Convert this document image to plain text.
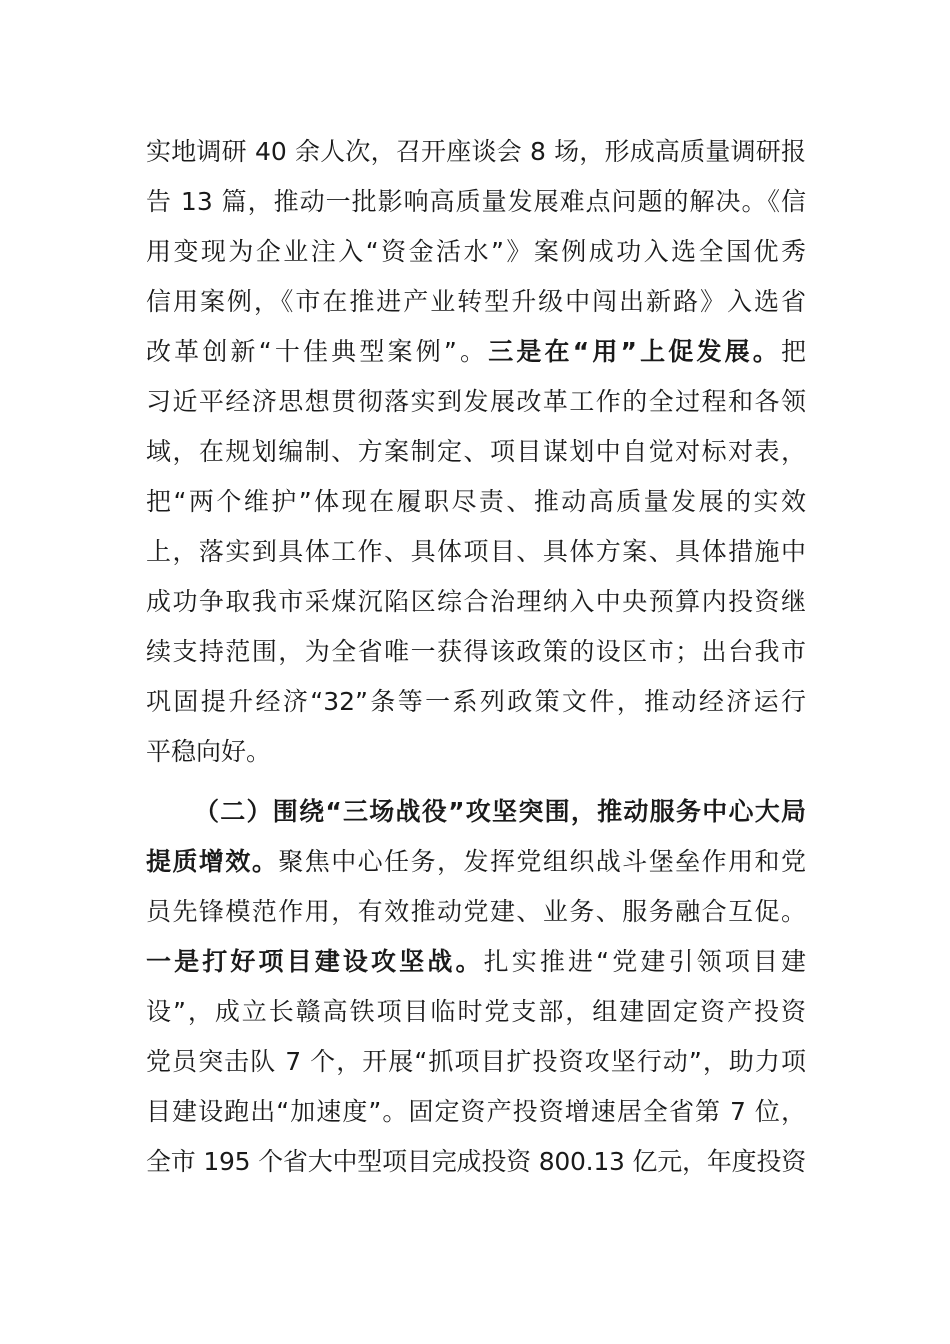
实地调研 40 余人次，召开座谈会 8 场，形成高质量调研报
告 13 篇，推动一批影响高质量发展难点问题的解决。《信
用变现为企业注入“资金活水”》案例成功入选全国优秀
信用案例，《市在推进产业转型升级中闯出新路》入选省
改革创新“十佳典型案例”。三是在“用”上促发展。把
习近平经济思想贯彻落实到发展改革工作的全过程和各领
域，在规划编制、方案制定、项目谋划中自觉对标对表，
把“两个维护”体现在履职尽责、推动高质量发展的实效
上，落实到具体工作、具体项目、具体方案、具体措施中
成功争取我市采煤沉陷区综合治理纳入中央预算内投资继
续支持范围，为全省唯一获得该政策的设区市；出台我市
巩固提升经济“32”条等一系列政策文件，推动经济运行
平稳向好。
（二）围绕“三场战役”攻坚突围，推动服务中心大局
提质增效。聚焦中心任务，发挥党组织战斗堡垒作用和党
员先锋模范作用，有效推动党建、业务、服务融合互促。
一是打好项目建设攻坚战。扎实推进“党建引领项目建
设”，成立长赣高铁项目临时党支部，组建固定资产投资
党员突击队 7 个，开展“抓项目扩投资攻坚行动”，助力项
目建设跑出“加速度”。固定资产投资增速居全省第 7 位，
全市 195 个省大中型项目完成投资 800.13 亿元，年度投资
